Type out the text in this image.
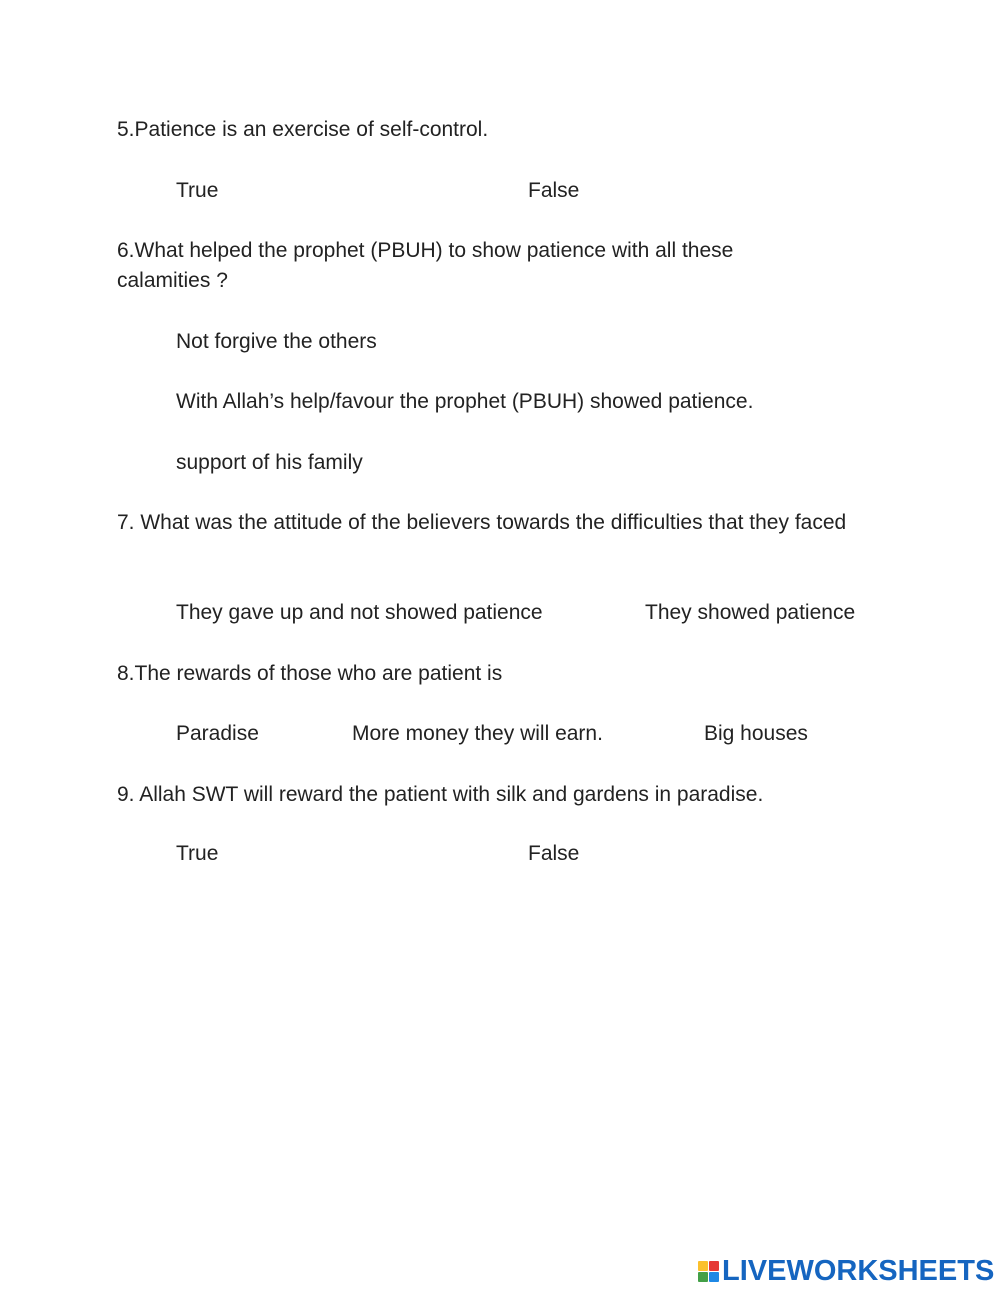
5.Patience is an exercise of self-control.
True	False
6.What helped the prophet (PBUH) to show patience with all these calamities ?
Not forgive the others
With Allah’s help/favour the prophet (PBUH) showed patience.
support of his family
7. What was the attitude of the believers towards the difficulties that they faced
They gave up and not showed patience	They showed patience
8.The rewards of those who are patient is
Paradise	More money they will earn.	Big houses
9. Allah SWT will reward the patient with silk and gardens in paradise.
True	False
LIVEWORKSHEETS
